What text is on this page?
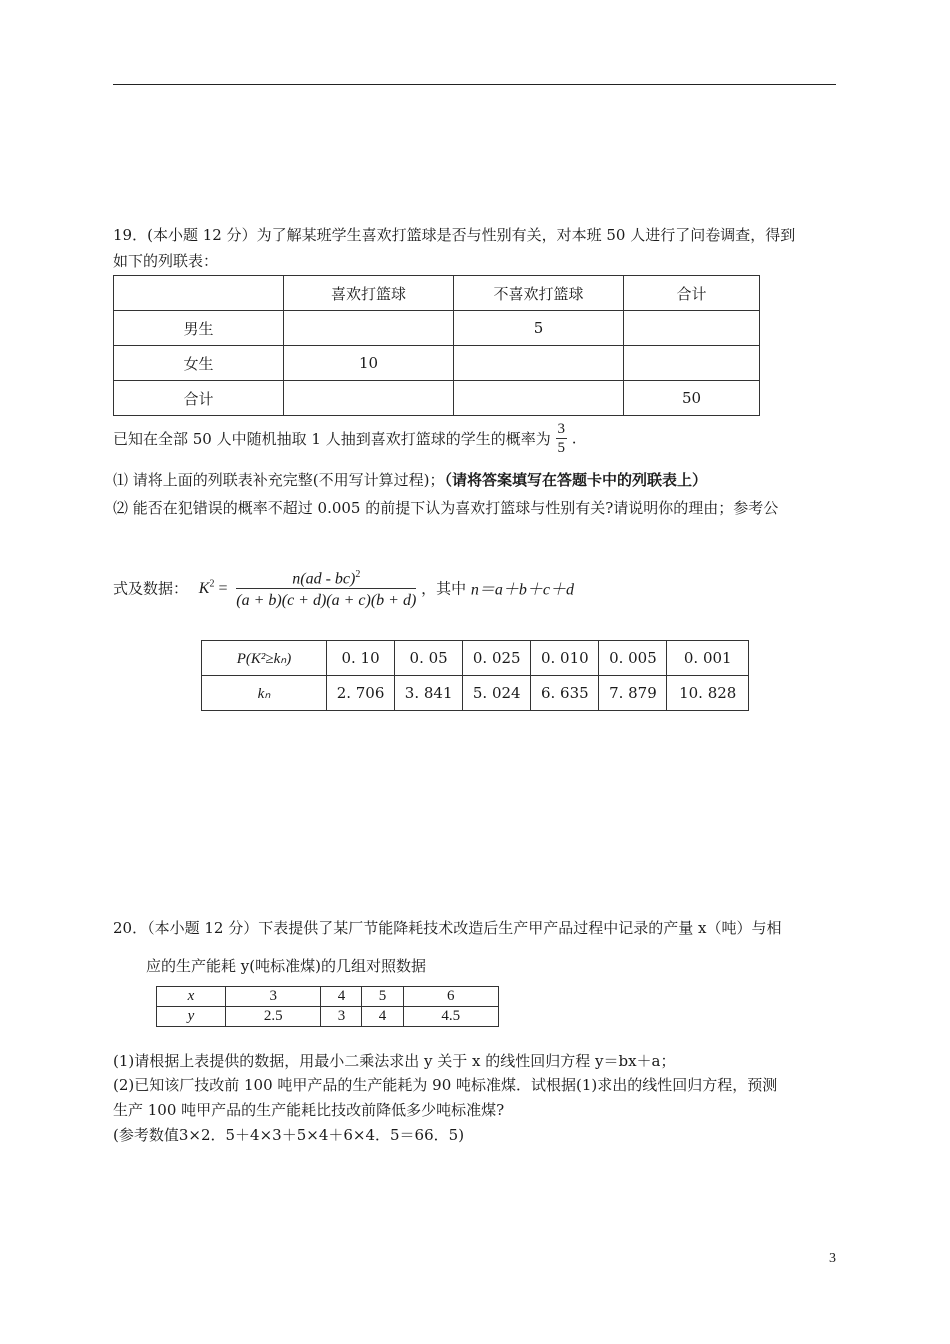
19．(本小题 12 分）为了解某班学生喜欢打篮球是否与性别有关，对本班 50 人进行了问卷调查，得到
如下的列联表：
	喜欢打篮球	不喜欢打篮球	合计
男生		5	
女生	10		
合计			50
已知在全部 50 人中随机抽取 1 人抽到喜欢打篮球的学生的概率为 $\frac{3}{5}$ .
⑴ 请将上面的列联表补充完整(不用写计算过程)；（请将答案填写在答题卡中的列联表上）
⑵ 能否在犯错误的概率不超过 0.005 的前提下认为喜欢打篮球与性别有关?请说明你的理由；参考公
式及数据： $K^2 = \frac{n(ad - bc)^2}{(a + b)(c + d)(a + c)(b + d)}$ ，其中 n＝a＋b＋c＋d
P(K²≥kₙ)	0. 10	0. 05	0. 025	0. 010	0. 005	0. 001
kₙ	2. 706	3. 841	5. 024	6. 635	7. 879	10. 828
20．（本小题 12 分）下表提供了某厂节能降耗技术改造后生产甲产品过程中记录的产量 x（吨）与相
应的生产能耗 y(吨标准煤)的几组对照数据
x	3	4	5	6
y	2.5	3	4	4.5
(1)请根据上表提供的数据，用最小二乘法求出 y 关于 x 的线性回归方程 y＝bx＋a；
(2)已知该厂技改前 100 吨甲产品的生产能耗为 90 吨标准煤．试根据(1)求出的线性回归方程，预测
生产 100 吨甲产品的生产能耗比技改前降低多少吨标准煤?
(参考数值3×2．5＋4×3＋5×4＋6×4．5＝66．5)
3
